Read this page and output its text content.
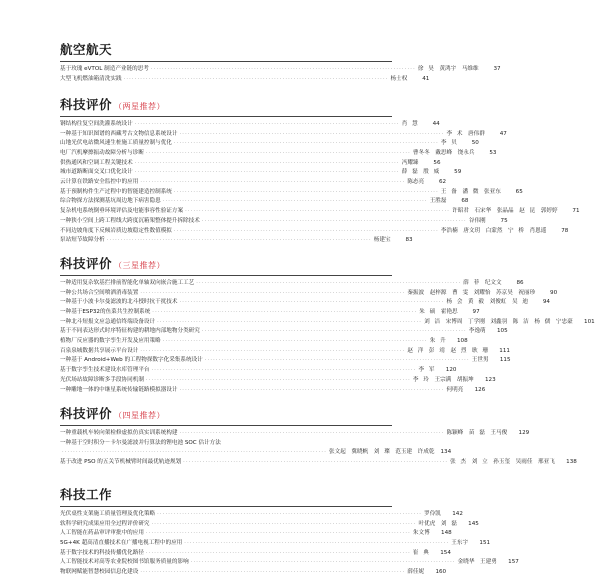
航空航天
基于玫瑰 eVTOL 制造产业链的思考 ······························································································· 徐 昊　黄鸿宇　马维维	37
大型飞机燃油箱清洗实践 ······························································································· 杨士权	41
科技评价 （两星推荐）
钢结构往复空间洗灌系统设计 ······························································································· 肖 慧	44
一种基于知识图谱的西藏考古文物信息系统设计 ······························································································· 李 术　唐伟群	47
山地光伏电站微风速生桩施工质量控制与优化 ······························································································· 李 贝	50
电厂汽机摩擦振动故障分析与诊断 ······························································································· 曹冬冬　戴思峰　饶永兵	53
供热通风和空调工程关键技术 ······························································································· 冯耀臻	56
城市道路断面交叉口优化设计 ······························································································· 薛 磊　殷 威	59
云计算在铁路安全监控中的应用 ······························································································· 陈态亮	62
基于预制构件生产过程中的智能建造控制系统 ······························································································· 王 备　潘 微　张亚东	65
综合物探方法探测基坑周边地下病害隐患 ······························································································· 王胜磊	68
复杂机电系统倒垂环境评估及电能事容性验证方案 ······························································································· 许昭君　石宋华　张晶晶　赵 昆　郭婷婷	71
一种狭小空间上跨工程线大跨度沉箱架整体提升拆除技术 ······························································································· 谷伟刚	75
不同边坡角度下反倾岩质边坡稳定性数值模拟 ······························································································· 李浩楠　唐文玥　白蒙然　宁 桥　肖恩遥	78
泵站短节故障分析 ······························································································· 杨建宝	83
科技评价 （三星推荐）
一种适用复杂软基拦排前智能化单轴双向嵌合施工工艺 ······························································································· 薛 菲　纪文文	86
一种公共场合空间喷洒消毒装置 ······························································································· 秦振波　赵梓源　曹 雯　刘耀怡　苏京昊　祝丽珍	90
一种基于小波卡尔曼滤波的北斗授时抗干扰技术 ······························································································· 杨 会　黄 毅　刘俊虹　吴 迪	94
一种基于ESP32的鱼菜共生控制系统 ······························································································· 朱 硕　霍艳思	97
一种北斗短报文应急通信终端设备设计 ······························································································· 刘 洁　宋博周　丁学刚　刘鑫羽　陈 洁　杨 儒　宁忠豪	101
基于不同表达形式时序特征构建的耕地内部地物分类研究 ······························································································· 李逸萌	105
植物厂反应器的数字孪生开发及应用策略 ······························································································· 朱 升	108
百泉泉城数据共享展示平台设计 ······························································································· 赵 洋　彭 靖　赵 烈　耿 珊	111
一种基于 Android+Web 的工程物探数字化采集系统设计 ······························································································· 王世男	115
基于数字孪生技术建设水库管理平台 ······························································································· 李 军	120
光伏场站故障诊断多手段协同机制 ······························································································· 李 玲　王宗满　胡振坤	123
一种雕地一体的中继星系统传输链路模拟器设计 ······························································································· 何明亮	126
科技评价 （四星推荐）
一种重载机车转向架检修虚拟仿真实训系统构建 ······························································································· 陈颖峰　苗 磊　王马俊	129
一种基于空时积分－卡尔曼滤波并行算法的锂电池 SOC 估计方法
······························································································· 张文起　冀晓帆　刘 璨　范玉建　许成乾 134
基于改进 PSO 的五关节机械臂时间最优轨迹规划 ······························································································· 张 杰　刘 立　孙玉玺　吴雨佳　邢亚飞	138
科技工作
光伏桌性支架施工质量管理及优化策略 ······························································································· 罗伶凯	142
软科学研究成果应用全过程评价研究 ······························································································· 叶优虎　刘 磊	145
人工智能在药品审评审批中的应用 ······························································································· 朱文博	148
5G+4K 超高清直播技术在广播电视工程中的应用 ······························································································· 王东宇	151
基于数字技术的科技传播优化路径 ······························································································· 崔 典	154
人工智能技术对高等农业院校图书馆服务质量的影响 ······························································································· 金晓华　王建勇	157
物联网赋能智慧校园信息化建设 ······························································································· 薛佳妮	160
